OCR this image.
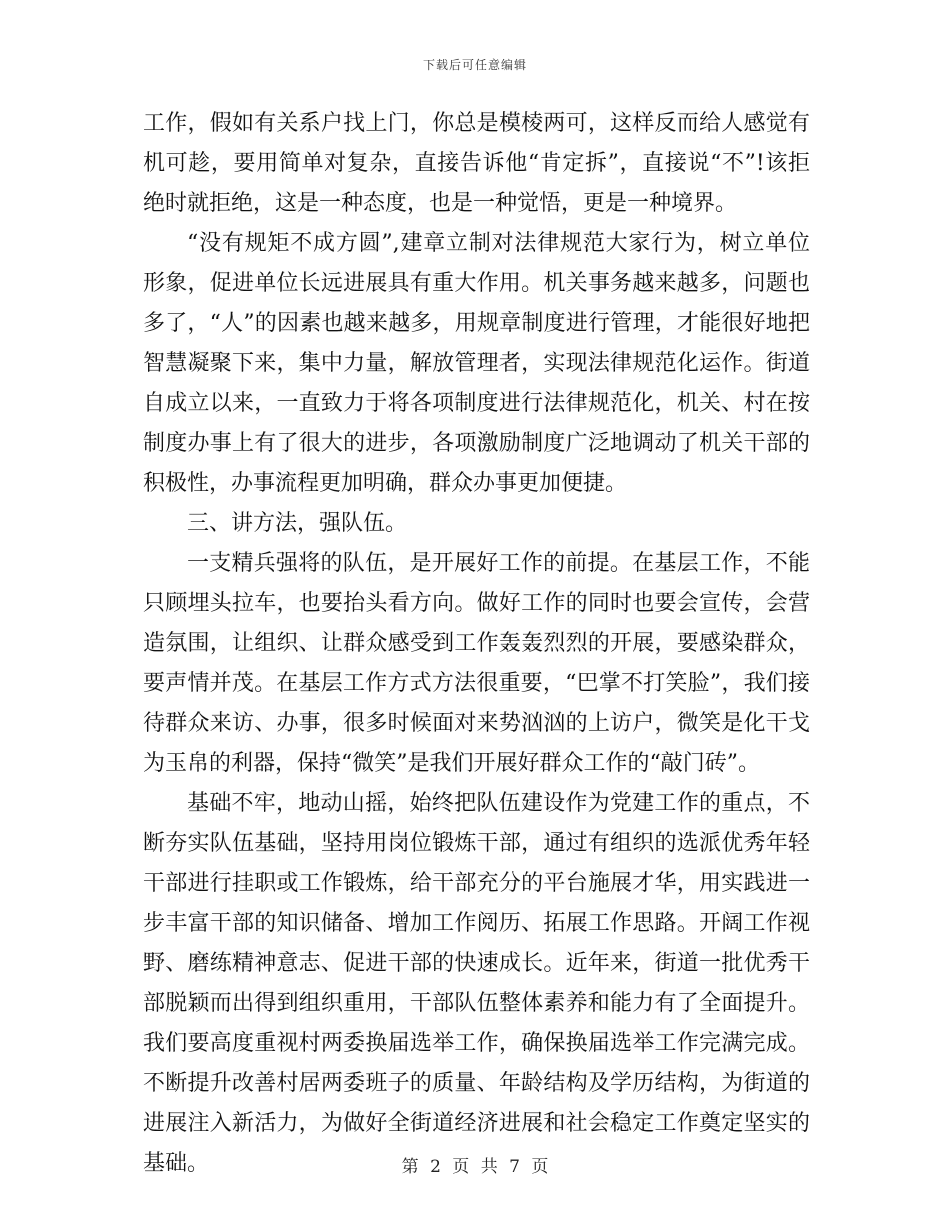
下载后可任意编辑

工作，假如有关系户找上门，你总是模棱两可，这样反而给人感觉有机可趁，要用简单对复杂，直接告诉他“肯定拆”，直接说“不”!该拒绝时就拒绝，这是一种态度，也是一种觉悟，更是一种境界。

“没有规矩不成方圆”,建章立制对法律规范大家行为，树立单位形象，促进单位长远进展具有重大作用。机关事务越来越多，问题也多了，“人”的因素也越来越多，用规章制度进行管理，才能很好地把智慧凝聚下来，集中力量，解放管理者，实现法律规范化运作。街道自成立以来，一直致力于将各项制度进行法律规范化，机关、村在按制度办事上有了很大的进步，各项激励制度广泛地调动了机关干部的积极性，办事流程更加明确，群众办事更加便捷。

三、讲方法，强队伍。

一支精兵强将的队伍，是开展好工作的前提。在基层工作，不能只顾埋头拉车，也要抬头看方向。做好工作的同时也要会宣传，会营造氛围，让组织、让群众感受到工作轰轰烈烈的开展，要感染群众，要声情并茂。在基层工作方式方法很重要，“巴掌不打笑脸”，我们接待群众来访、办事，很多时候面对来势汹汹的上访户，微笑是化干戈为玉帛的利器，保持“微笑”是我们开展好群众工作的“敲门砖”。

基础不牢，地动山摇，始终把队伍建设作为党建工作的重点，不断夯实队伍基础，坚持用岗位锻炼干部，通过有组织的选派优秀年轻干部进行挂职或工作锻炼，给干部充分的平台施展才华，用实践进一步丰富干部的知识储备、增加工作阅历、拓展工作思路。开阔工作视野、磨练精神意志、促进干部的快速成长。近年来，街道一批优秀干部脱颖而出得到组织重用，干部队伍整体素养和能力有了全面提升。我们要高度重视村两委换届选举工作，确保换届选举工作完满完成。不断提升改善村居两委班子的质量、年龄结构及学历结构，为街道的进展注入新活力，为做好全街道经济进展和社会稳定工作奠定坚实的基础。	第 2 页 共 7 页
